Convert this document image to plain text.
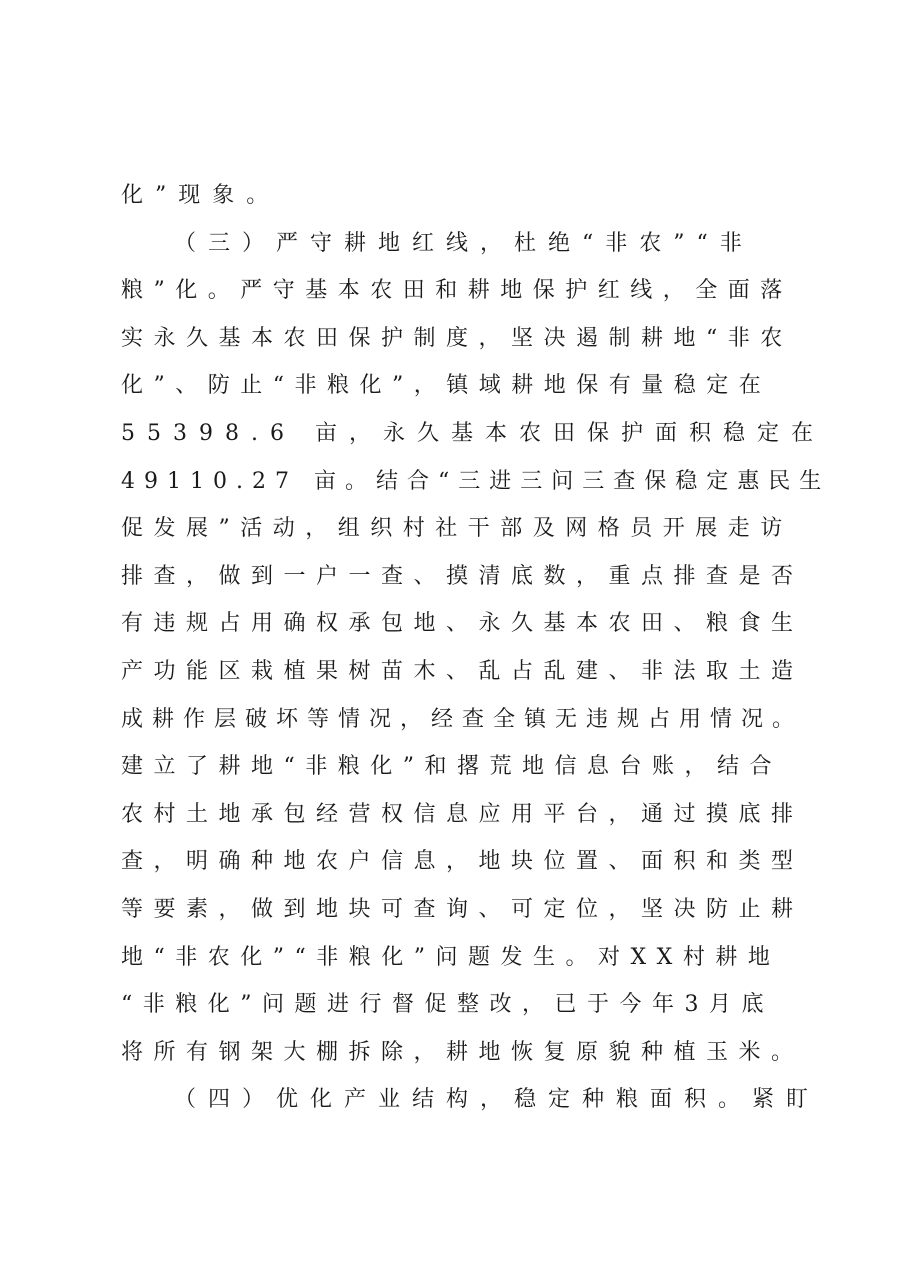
化”现象。
（三）严守耕地红线，杜绝“非农”“非
粮”化。严守基本农田和耕地保护红线，全面落
实永久基本农田保护制度，坚决遏制耕地“非农
化”、防止“非粮化”，镇域耕地保有量稳定在
55398.6 亩，永久基本农田保护面积稳定在
49110.27 亩。结合“三进三问三查保稳定惠民生
促发展”活动，组织村社干部及网格员开展走访
排查，做到一户一查、摸清底数，重点排查是否
有违规占用确权承包地、永久基本农田、粮食生
产功能区栽植果树苗木、乱占乱建、非法取土造
成耕作层破坏等情况，经查全镇无违规占用情况。
建立了耕地“非粮化”和撂荒地信息台账，结合
农村土地承包经营权信息应用平台，通过摸底排
查，明确种地农户信息，地块位置、面积和类型
等要素，做到地块可查询、可定位，坚决防止耕
地“非农化”“非粮化”问题发生。对XX村耕地
“非粮化”问题进行督促整改，已于今年3月底
将所有钢架大棚拆除，耕地恢复原貌种植玉米。
（四）优化产业结构，稳定种粮面积。紧盯
